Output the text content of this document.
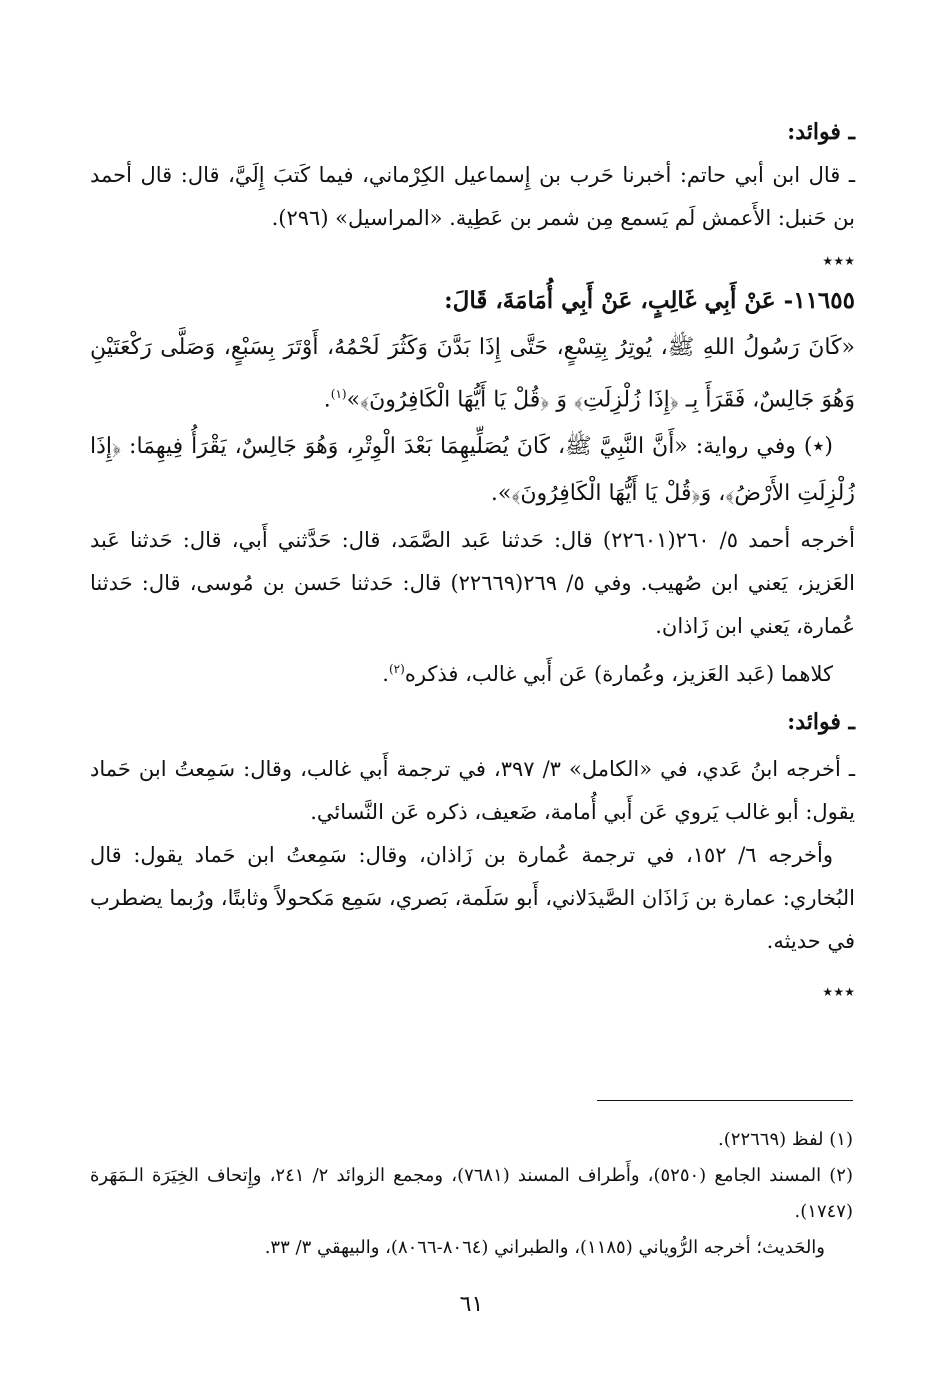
ـ فوائد:

ـ قال ابن أبي حاتم: أخبرنا حَرب بن إِسماعيل الكِرْماني، فيما كَتبَ إِلَيَّ، قال: قال أحمد بن حَنبل: الأَعمش لَم يَسمع مِن شمر بن عَطِية. «المراسيل» (٢٩٦).

٭٭٭

١١٦٥٥- عَنْ أَبِي غَالِبٍ، عَنْ أَبِي أُمَامَةَ، قَالَ:

«كَانَ رَسُولُ اللهِ ﷺ، يُوتِرُ بِتِسْعٍ، حَتَّى إِذَا بَدَّنَ وَكَثُرَ لَحْمُهُ، أَوْتَرَ بِسَبْعٍ، وَصَلَّى رَكْعَتَيْنِ وَهُوَ جَالِسٌ، فَقَرَأَ بِـ ﴿إِذَا زُلْزِلَتِ﴾ وَ ﴿قُلْ يَا أَيُّهَا الْكَافِرُونَ﴾»$^{(١)}$.

(٭) وفي رواية: «أَنَّ النَّبِيَّ ﷺ، كَانَ يُصَلِّيهِمَا بَعْدَ الْوِتْرِ، وَهُوَ جَالِسٌ، يَقْرَأُ فِيهِمَا: ﴿إِذَا زُلْزِلَتِ الأَرْضُ﴾، وَ﴿قُلْ يَا أَيُّهَا الْكَافِرُونَ﴾».

أخرجه أحمد ٥/ ٢٦٠(٢٢٦٠١) قال: حَدثنا عَبد الصَّمَد، قال: حَدَّثني أَبي، قال: حَدثنا عَبد العَزيز، يَعني ابن صُهيب. وفي ٥/ ٢٦٩(٢٢٦٦٩) قال: حَدثنا حَسن بن مُوسى، قال: حَدثنا عُمارة، يَعني ابن زَاذان.

كلاهما (عَبد العَزيز، وعُمارة) عَن أَبي غالب، فذكره$^{(٢)}$.

ـ فوائد:

ـ أخرجه ابنُ عَدي، في «الكامل» ٣/ ٣٩٧، في ترجمة أَبي غالب، وقال: سَمِعتُ ابن حَماد يقول: أبو غالب يَروي عَن أَبي أُمامة، ضَعيف، ذكره عَن النَّسائي.

وأخرجه ٦/ ١٥٢، في ترجمة عُمارة بن زَاذان، وقال: سَمِعتُ ابن حَماد يقول: قال البُخاري: عمارة بن زَاذَان الصَّيدَلاني، أَبو سَلَمة، بَصري، سَمِع مَكحولاً وثابتًا، ورُبما يضطرب في حديثه.

٭٭٭

(١) لفظ (٢٢٦٦٩).

(٢) المسند الجامع (٥٢٥٠)، وأَطراف المسند (٧٦٨١)، ومجمع الزوائد ٢/ ٢٤١، وإِتحاف الخِيَرَة الـمَهَرة (١٧٤٧).

والحَديث؛ أخرجه الرُّوياني (١١٨٥)، والطبراني (٨٠٦٤-٨٠٦٦)، والبيهقي ٣/ ٣٣.

٦١
